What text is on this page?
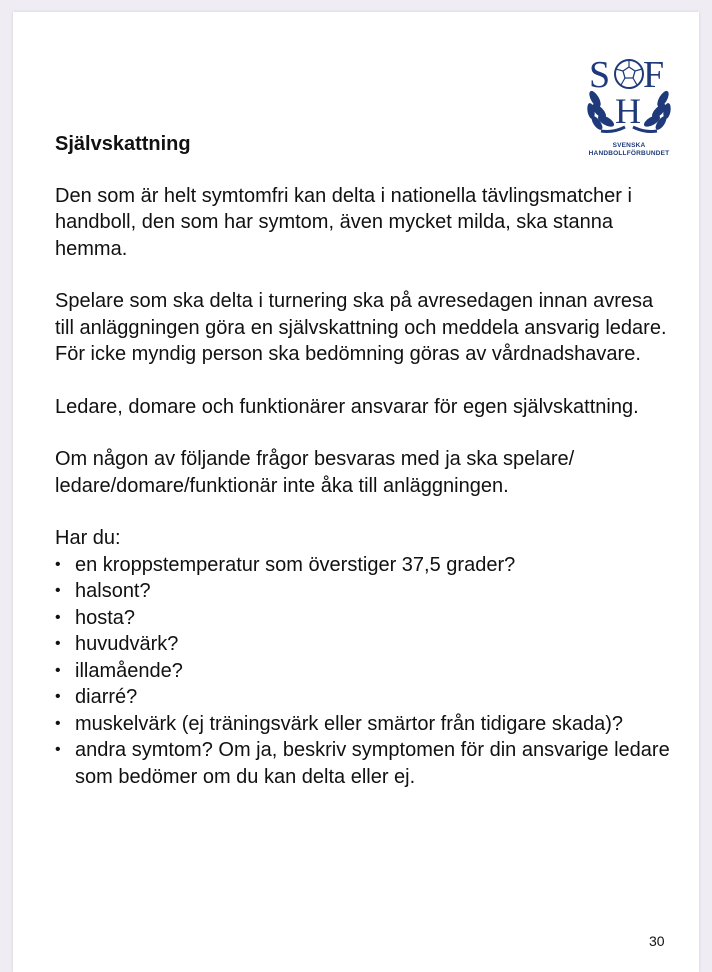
S F
H
SVENSKA
HANDBOLLFÖRBUNDET
Självskattning

Den som är helt symtomfri kan delta i nationella tävlingsmatcher i handboll, den som har symtom, även mycket milda, ska stanna hemma.

Spelare som ska delta i turnering ska på avresedagen innan avresa till anläggningen göra en självskattning och meddela ansvarig ledare. För icke myndig person ska bedömning göras av vårdnadshavare.

Ledare, domare och funktionärer ansvarar för egen självskattning.

Om någon av följande frågor besvaras med ja ska spelare/ ledare/domare/funktionär inte åka till anläggningen.

Har du:
• en kroppstemperatur som överstiger 37,5 grader?
• halsont?
• hosta?
• huvudvärk?
• illamående?
• diarré?
• muskelvärk (ej träningsvärk eller smärtor från tidigare skada)?
• andra symtom? Om ja, beskriv symptomen för din ansvarige ledare som bedömer om du kan delta eller ej.
30
